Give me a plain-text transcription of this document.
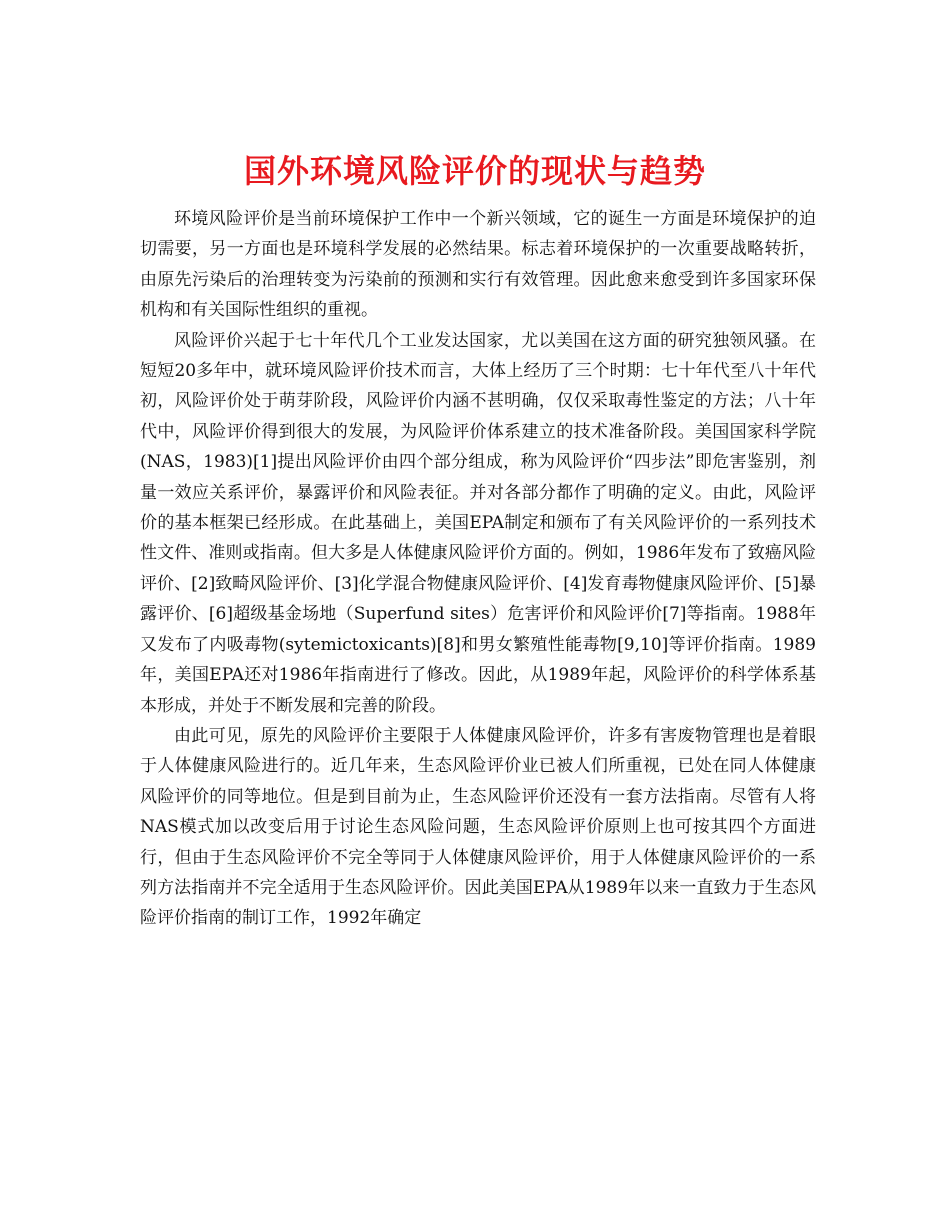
国外环境风险评价的现状与趋势

环境风险评价是当前环境保护工作中一个新兴领域，它的诞生一方面是环境保护的迫切需要，另一方面也是环境科学发展的必然结果。标志着环境保护的一次重要战略转折，由原先污染后的治理转变为污染前的预测和实行有效管理。因此愈来愈受到许多国家环保机构和有关国际性组织的重视。

风险评价兴起于七十年代几个工业发达国家，尤以美国在这方面的研究独领风骚。在短短20多年中，就环境风险评价技术而言，大体上经历了三个时期：七十年代至八十年代初，风险评价处于萌芽阶段，风险评价内涵不甚明确，仅仅采取毒性鉴定的方法；八十年代中，风险评价得到很大的发展，为风险评价体系建立的技术准备阶段。美国国家科学院(NAS，1983)[1]提出风险评价由四个部分组成，称为风险评价“四步法”即危害鉴别，剂量一效应关系评价，暴露评价和风险表征。并对各部分都作了明确的定义。由此，风险评价的基本框架已经形成。在此基础上，美国EPA制定和颁布了有关风险评价的一系列技术性文件、准则或指南。但大多是人体健康风险评价方面的。例如，1986年发布了致癌风险评价、[2]致畸风险评价、[3]化学混合物健康风险评价、[4]发育毒物健康风险评价、[5]暴露评价、[6]超级基金场地（Superfund sites）危害评价和风险评价[7]等指南。1988年又发布了内吸毒物(sytemictoxicants)[8]和男女繁殖性能毒物[9,10]等评价指南。1989年，美国EPA还对1986年指南进行了修改。因此，从1989年起，风险评价的科学体系基本形成，并处于不断发展和完善的阶段。

由此可见，原先的风险评价主要限于人体健康风险评价，许多有害废物管理也是着眼于人体健康风险进行的。近几年来，生态风险评价业已被人们所重视，已处在同人体健康风险评价的同等地位。但是到目前为止，生态风险评价还没有一套方法指南。尽管有人将NAS模式加以改变后用于讨论生态风险问题，生态风险评价原则上也可按其四个方面进行，但由于生态风险评价不完全等同于人体健康风险评价，用于人体健康风险评价的一系列方法指南并不完全适用于生态风险评价。因此美国EPA从1989年以来一直致力于生态风险评价指南的制订工作，1992年确定
